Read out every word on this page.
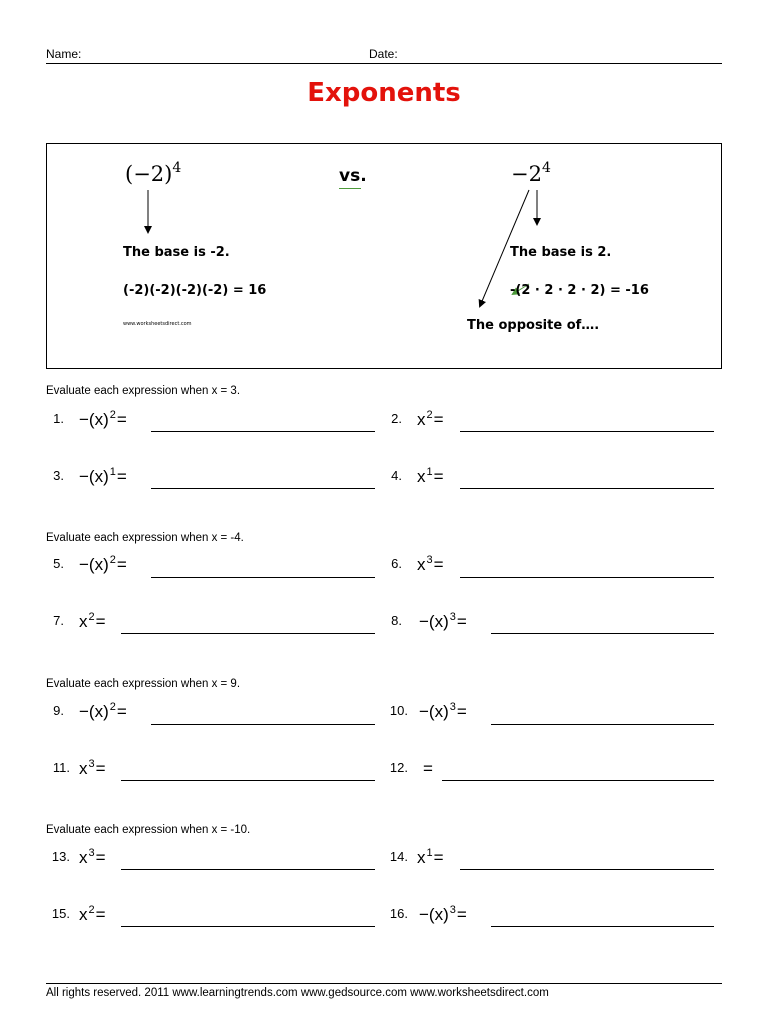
Name:	Date:
Exponents
$(-2)^4$	vs.	$-2^4$
The base is -2.
(-2)(-2)(-2)(-2) = 16
www.worksheetsdirect.com
The base is 2.
-(2 · 2 · 2 · 2) = -16
The opposite of….
Evaluate each expression when x = 3.
1. $-(x)^2=$	2. $x^2=$
3. $-(x)^1=$	4. $x^1=$
Evaluate each expression when x = -4.
5. $-(x)^2=$	6. $x^3=$
7. $x^2=$	8. $-(x)^3=$
Evaluate each expression when x = 9.
9. $-(x)^2=$	10. $-(x)^3=$
11. $x^3=$	12. =
Evaluate each expression when x = -10.
13. $x^3=$	14. $x^1=$
15. $x^2=$	16. $-(x)^3=$
All rights reserved. 2011 www.learningtrends.com www.gedsource.com www.worksheetsdirect.com
